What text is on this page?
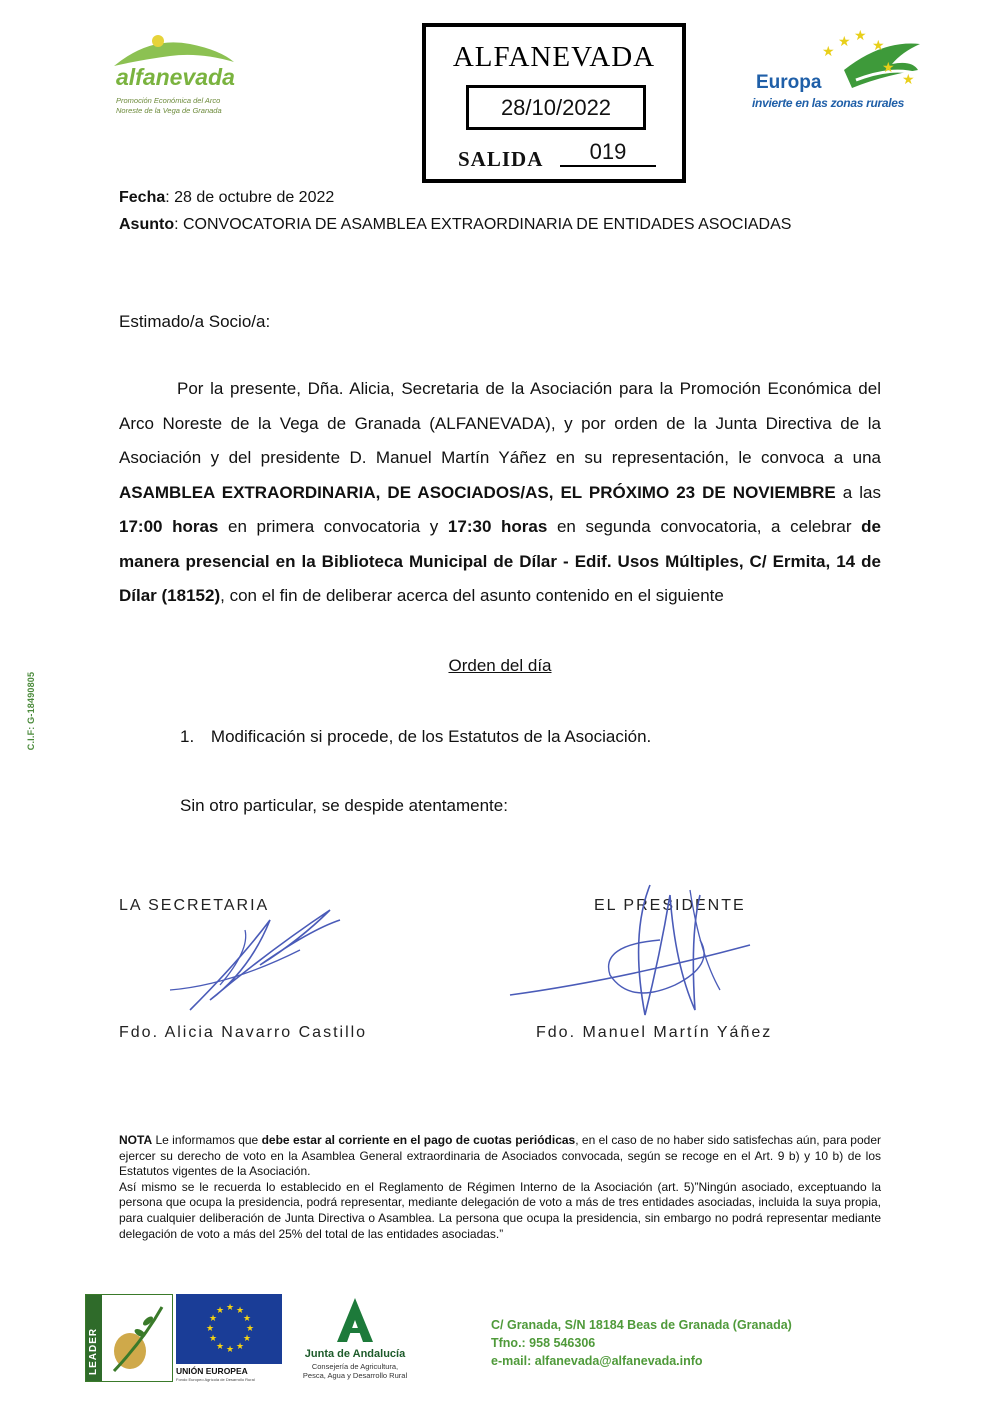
alfanevada
Promoción Económica del Arco
Noreste de la Vega de Granada
ALFANEVADA
28/10/2022
SALIDA	019
★
★ ★
★
★
★
Europa
invierte en las zonas rurales
Fecha: 28 de octubre de 2022
Asunto: CONVOCATORIA DE ASAMBLEA EXTRAORDINARIA DE ENTIDADES ASOCIADAS
C.I.F: G-18490805
Estimado/a Socio/a:
Por la presente, Dña. Alicia, Secretaria de la Asociación para la Promoción Económica del Arco Noreste de la Vega de Granada (ALFANEVADA), y por orden de la Junta Directiva de la Asociación y del presidente D. Manuel Martín Yáñez en su representación, le convoca a una ASAMBLEA EXTRAORDINARIA, DE ASOCIADOS/AS, EL PRÓXIMO 23 DE NOVIEMBRE a las 17:00 horas en primera convocatoria y 17:30 horas en segunda convocatoria, a celebrar de manera presencial en la Biblioteca Municipal de Dílar - Edif. Usos Múltiples, C/ Ermita, 14 de Dílar (18152), con el fin de deliberar acerca del asunto contenido en el siguiente
Orden del día
1. Modificación si procede, de los Estatutos de la Asociación.
Sin otro particular, se despide atentamente:
LA SECRETARIA	EL PRESIDENTE
Fdo. Alicia Navarro Castillo	Fdo. Manuel Martín Yáñez

NOTA Le informamos que debe estar al corriente en el pago de cuotas periódicas, en el caso de no haber sido satisfechas aún, para poder ejercer su derecho de voto en la Asamblea General extraordinaria de Asociados convocada, según se recoge en el Art. 9 b) y 10 b) de los Estatutos vigentes de la Asociación.

Así mismo se le recuerda lo establecido en el Reglamento de Régimen Interno de la Asociación (art. 5)”Ningún asociado, exceptuando la persona que ocupa la presidencia, podrá representar, mediante delegación de voto a más de tres entidades asociadas, incluida la suya propia, para cualquier deliberación de Junta Directiva o Asamblea. La persona que ocupa la presidencia, sin embargo no podrá representar mediante delegación de voto a más del 25% del total de las entidades asociadas.”

LEADER
★ ★
★
★
★
★
★
★
★
★
★
★
UNIÓN EUROPEA
Fondo Europeo Agrícola de Desarrollo Rural
Junta de Andalucía
Consejería de Agricultura,
Pesca, Agua y Desarrollo Rural
C/ Granada, S/N 18184 Beas de Granada (Granada)
Tfno.: 958 546306
e-mail: alfanevada@alfanevada.info
